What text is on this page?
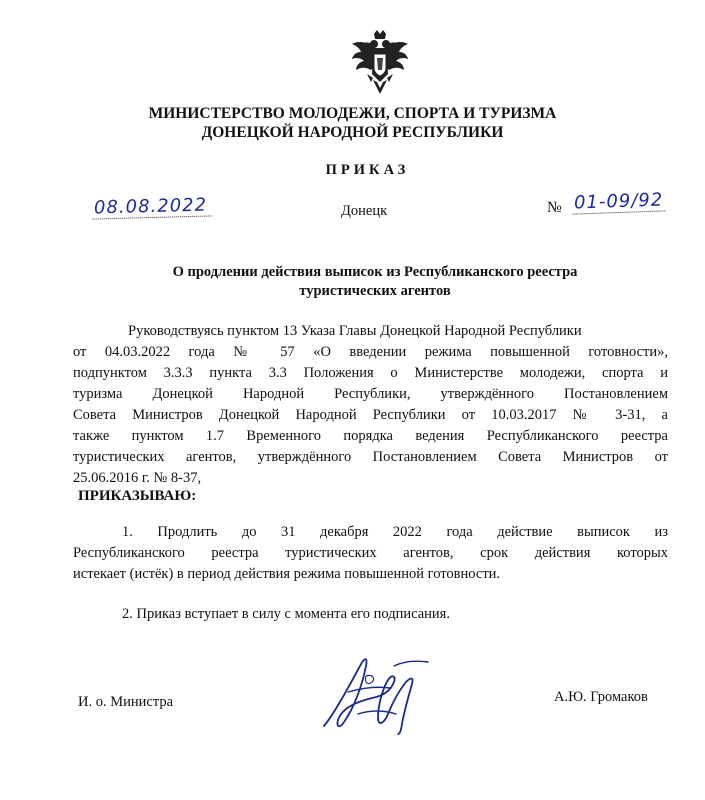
МИНИСТЕРСТВО МОЛОДЕЖИ, СПОРТА И ТУРИЗМА
ДОНЕЦКОЙ НАРОДНОЙ РЕСПУБЛИКИ
ПРИКАЗ
08.08.2022	Донецк	№ 01-09/92
О продлении действия выписок из Республиканского реестра
туристических агентов
Руководствуясь пунктом 13 Указа Главы Донецкой Народной Республики
от 04.03.2022 года № 57 «О введении режима повышенной готовности»,
подпунктом 3.3.3 пункта 3.3 Положения о Министерстве молодежи, спорта и
туризма Донецкой Народной Республики, утверждённого Постановлением
Совета Министров Донецкой Народной Республики от 10.03.2017 № 3-31, а
также пунктом 1.7 Временного порядка ведения Республиканского реестра
туристических агентов, утверждённого Постановлением Совета Министров от
25.06.2016 г. № 8-37,
ПРИКАЗЫВАЮ:
1. Продлить до 31 декабря 2022 года действие выписок из
Республиканского реестра туристических агентов, срок действия которых
истекает (истёк) в период действия режима повышенной готовности.
2. Приказ вступает в силу с момента его подписания.
И. о. Министра	А.Ю. Громаков
